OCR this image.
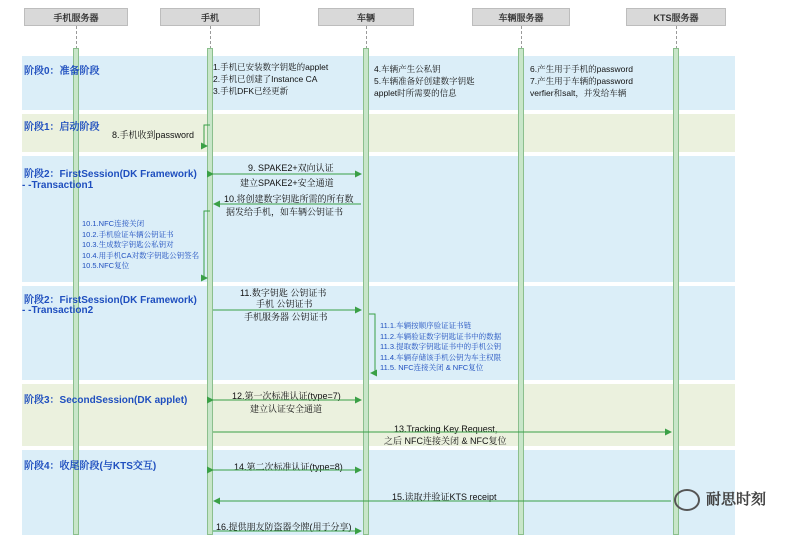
手机服务器	手机	车辆	车辆服务器	KTS服务器
阶段0：准备阶段
阶段1：启动阶段
阶段2：FirstSession(DK Framework)
- -Transaction1
阶段2：FirstSession(DK Framework)
- -Transaction2
阶段3：SecondSession(DK applet)
阶段4：收尾阶段(与KTS交互)
1.手机已安装数字钥匙的applet
2.手机已创建了Instance CA
3.手机DFK已经更新
4.车辆产生公私钥
5.车辆准备好创建数字钥匙
applet时所需要的信息
6.产生用于手机的password
7.产生用于车辆的password
verfier和salt，并发给车辆
10.1.NFC连接关闭
10.2.手机验证车辆公钥证书
10.3.生成数字钥匙公私钥对
10.4.用手机CA对数字钥匙公钥签名
10.5.NFC复位
11.1.车辆按顺序验证证书链
11.2.车辆验证数字钥匙证书中的数据
11.3.提取数字钥匙证书中的手机公钥
11.4.车辆存储该手机公钥为车主权限
11.5. NFC连接关闭 & NFC复位
8.手机收到password
9. SPAKE2+双向认证
建立SPAKE2+安全通道
10.将创建数字钥匙所需的所有数
据发给手机，如车辆公钥证书
11.数字钥匙 公钥证书
手机 公钥证书
手机服务器 公钥证书
12.第一次标准认证(type=7)
建立认证安全通道
13.Tracking Key Request，
之后 NFC连接关闭 & NFC复位
14.第二次标准认证(type=8)
15.读取并验证KTS receipt
16.提供朋友防盗器令牌(用于分享)
耐思时刻
